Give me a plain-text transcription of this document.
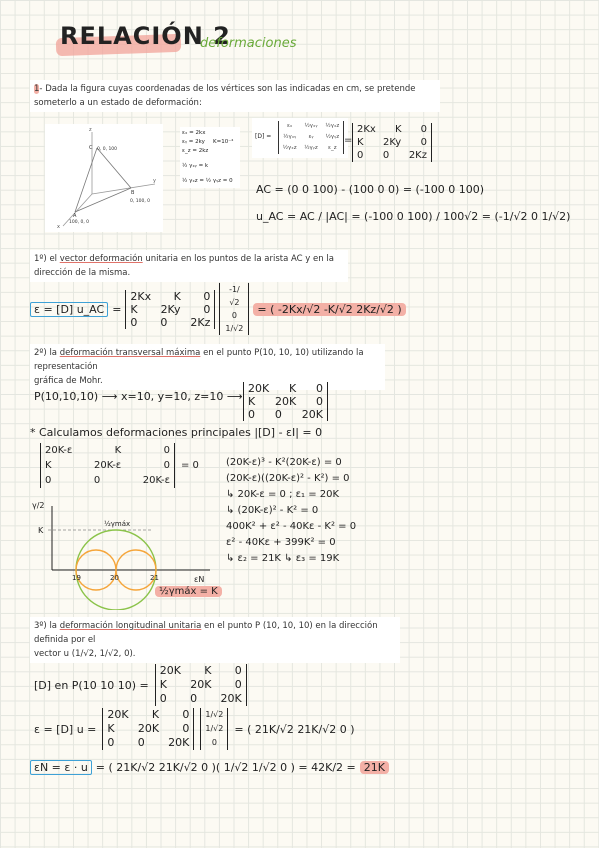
RELACIÓN 2
deformaciones
1- Dada la figura cuyas coordenadas de los vértices son las indicadas en cm, se pretende
someterlo a un estado de deformación:
z
y
x
C 0, 0, 100
B
0, 100, 0
A
100, 0, 0
εₓ = 2kx
εᵧ = 2ky
ε_z = 2kz
½ γₓᵧ = k
½ γₓz = ½ γᵧz = 0
K=10⁻⁴
[D] =
εₓ	½γₓᵧ	½γₓz
½γₓᵧ	εᵧ	½γᵧz
½γₓz	½γᵧz	ε_z
=
2Kx K 0
K 2Ky 0
0 0 2Kz
AC = (0 0 100) - (100 0 0) = (-100 0 100)
u_AC = AC / |AC| = (-100 0 100) / 100√2 = (-1/√2 0 1/√2)
1º) el vector deformación unitaria en los puntos de la arista AC y en la dirección de la misma.
ε = [D] u_AC =
2Kx K 0
K 2Ky 0
0 0 2Kz
-1/√2
0
1/√2
= ( -2Kx/√2 -K/√2 2Kz/√2 )
2º) la deformación transversal máxima en el punto P(10, 10, 10) utilizando la representación
gráfica de Mohr.
P(10,10,10) ⟶ x=10, y=10, z=10 ⟶
20K K 0
K 20K 0
0 0 20K
* Calculamos deformaciones principales |[D] - εI| = 0
20K-ε	K	0
K	20K-ε	0
0	0	20K-ε
= 0	(20K-ε)³ - K²(20K-ε) = 0
(20K-ε)((20K-ε)² - K²) = 0
↳ 20K-ε = 0 ; ε₁ = 20K
↳ (20K-ε)² - K² = 0
400K² + ε² - 40Kε - K² = 0
ε² - 40Kε + 399K² = 0
↳ ε₂ = 21K ↳ ε₃ = 19K
γ/2
εN
K
19	20	21
½γmáx
½γmáx = K
3º) la deformación longitudinal unitaria en el punto P (10, 10, 10) en la dirección definida por el
vector u (1/√2, 1/√2, 0).
[D] en P(10 10 10) =
20K K 0
K 20K 0
0 0 20K
ε = [D] u =
20K K 0
K 20K 0
0 0 20K
1/√2
1/√2
0
= ( 21K/√2 21K/√2 0 )
εN = ε · u = ( 21K/√2 21K/√2 0 )( 1/√2 1/√2 0 ) = 42K/2 = 21K
